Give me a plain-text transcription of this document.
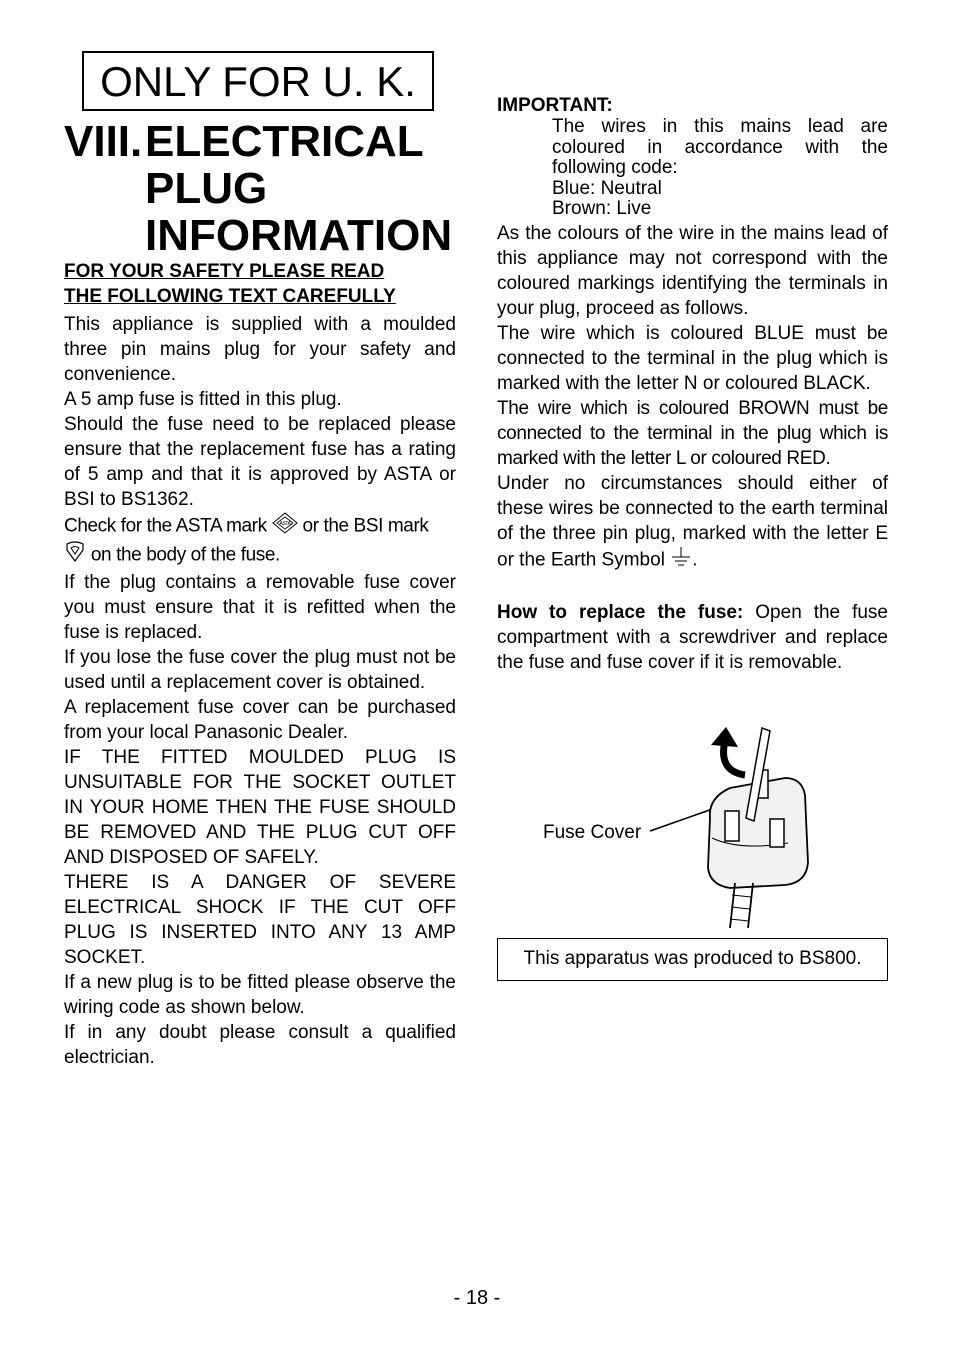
ONLY FOR U. K.
VIII. ELECTRICAL
PLUG
INFORMATION
FOR YOUR SAFETY PLEASE READ
THE FOLLOWING TEXT CAREFULLY

This appliance is supplied with a moulded three pin mains plug for your safety and convenience.

A 5 amp fuse is fitted in this plug.

Should the fuse need to be replaced please ensure that the replacement fuse has a rating of 5 amp and that it is approved by ASTA or BSI to BS1362.

Check for the ASTA mark ASTA or the BSI mark
on the body of the fuse.

If the plug contains a removable fuse cover you must ensure that it is refitted when the fuse is replaced.

If you lose the fuse cover the plug must not be used until a replacement cover is obtained.

A replacement fuse cover can be purchased from your local Panasonic Dealer.

IF THE FITTED MOULDED PLUG IS UNSUITABLE FOR THE SOCKET OUTLET IN YOUR HOME THEN THE FUSE SHOULD BE REMOVED AND THE PLUG CUT OFF AND DISPOSED OF SAFELY.

THERE IS A DANGER OF SEVERE ELECTRICAL SHOCK IF THE CUT OFF PLUG IS INSERTED INTO ANY 13 AMP SOCKET.

If a new plug is to be fitted please observe the wiring code as shown below.

If in any doubt please consult a qualified electrician.

IMPORTANT:

The wires in this mains lead are coloured in accordance with the following code:

Blue: Neutral
Brown: Live

As the colours of the wire in the mains lead of this appliance may not correspond with the coloured markings identifying the terminals in your plug, proceed as follows.

The wire which is coloured BLUE must be connected to the terminal in the plug which is marked with the letter N or coloured BLACK.

The wire which is coloured BROWN must be connected to the terminal in the plug which is marked with the letter L or coloured RED.

Under no circumstances should either of these wires be connected to the earth terminal of the three pin plug, marked with the letter E or the Earth Symbol .

How to replace the fuse: Open the fuse compartment with a screwdriver and replace the fuse and fuse cover if it is removable.

Fuse Cover
This apparatus was produced to BS800.
- 18 -
